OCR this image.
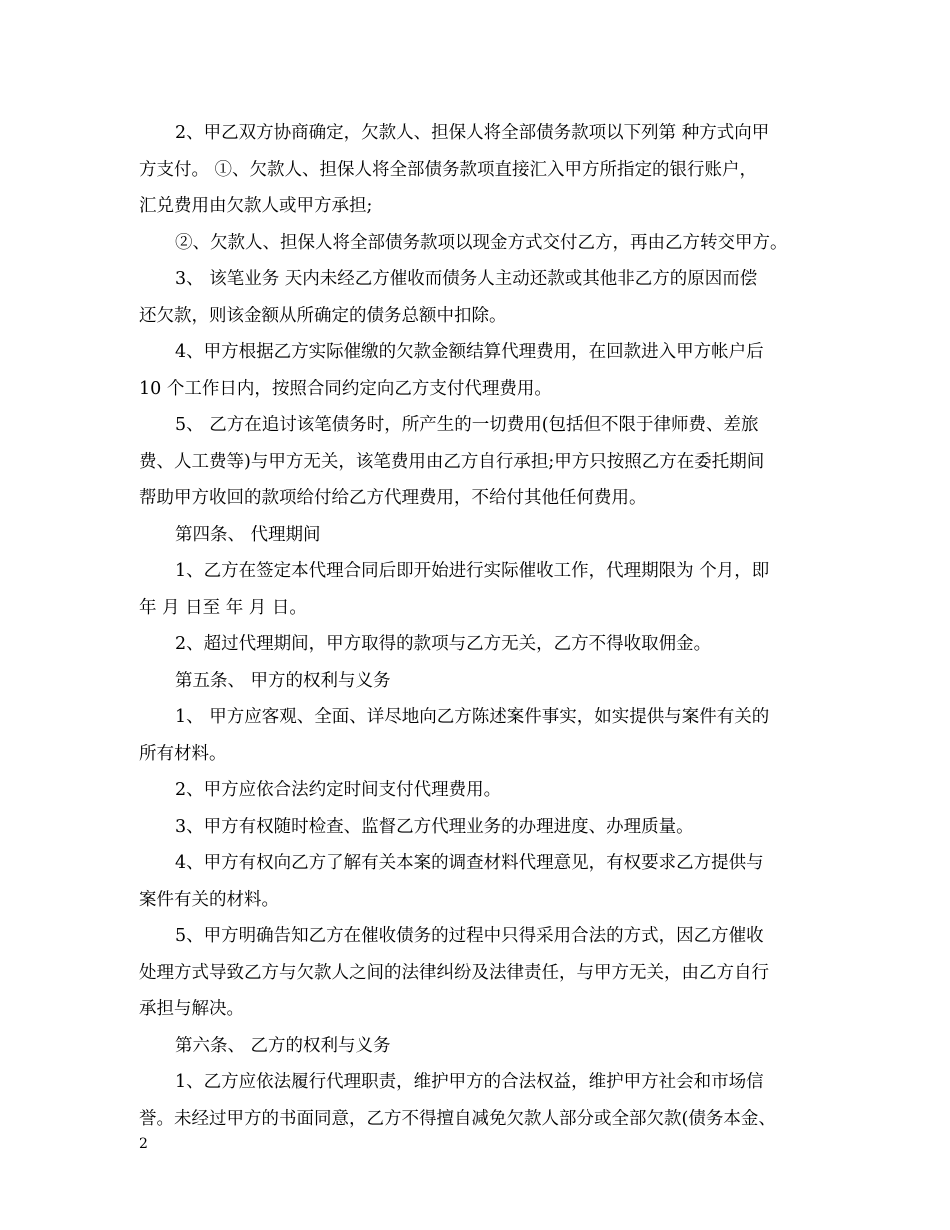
2、甲乙双方协商确定，欠款人、担保人将全部债务款项以下列第 种方式向甲
方支付。 ①、欠款人、担保人将全部债务款项直接汇入甲方所指定的银行账户，
汇兑费用由欠款人或甲方承担;

②、欠款人、担保人将全部债务款项以现金方式交付乙方，再由乙方转交甲方。

3、 该笔业务 天内未经乙方催收而债务人主动还款或其他非乙方的原因而偿
还欠款，则该金额从所确定的债务总额中扣除。

4、甲方根据乙方实际催缴的欠款金额结算代理费用，在回款进入甲方帐户后
10 个工作日内，按照合同约定向乙方支付代理费用。

5、 乙方在追讨该笔债务时，所产生的一切费用(包括但不限于律师费、差旅
费、人工费等)与甲方无关，该笔费用由乙方自行承担;甲方只按照乙方在委托期间
帮助甲方收回的款项给付给乙方代理费用，不给付其他任何费用。

第四条、 代理期间

1、乙方在签定本代理合同后即开始进行实际催收工作，代理期限为 个月，即
年 月 日至 年 月 日。

2、超过代理期间，甲方取得的款项与乙方无关，乙方不得收取佣金。

第五条、 甲方的权利与义务

1、 甲方应客观、全面、详尽地向乙方陈述案件事实，如实提供与案件有关的
所有材料。

2、甲方应依合法约定时间支付代理费用。

3、甲方有权随时检查、监督乙方代理业务的办理进度、办理质量。

4、甲方有权向乙方了解有关本案的调查材料代理意见，有权要求乙方提供与
案件有关的材料。

5、甲方明确告知乙方在催收债务的过程中只得采用合法的方式，因乙方催收
处理方式导致乙方与欠款人之间的法律纠纷及法律责任，与甲方无关，由乙方自行
承担与解决。

第六条、 乙方的权利与义务

1、乙方应依法履行代理职责，维护甲方的合法权益，维护甲方社会和市场信
誉。未经过甲方的书面同意，乙方不得擅自减免欠款人部分或全部欠款(债务本金、

2
